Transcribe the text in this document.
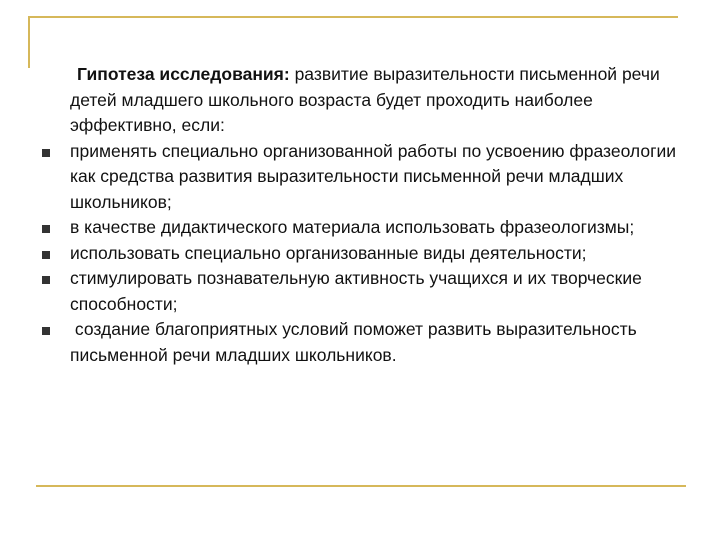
Гипотеза исследования: развитие выразительности письменной речи детей младшего школьного возраста будет проходить наиболее эффективно, если:
применять специально организованной работы по усвоению фразеологии как средства развития выразительности письменной речи младших школьников;
в качестве дидактического материала использовать фразеологизмы;
использовать специально организованные виды деятельности;
стимулировать познавательную активность учащихся и их творческие способности;
создание благоприятных условий поможет развить выразительность письменной речи младших школьников.
